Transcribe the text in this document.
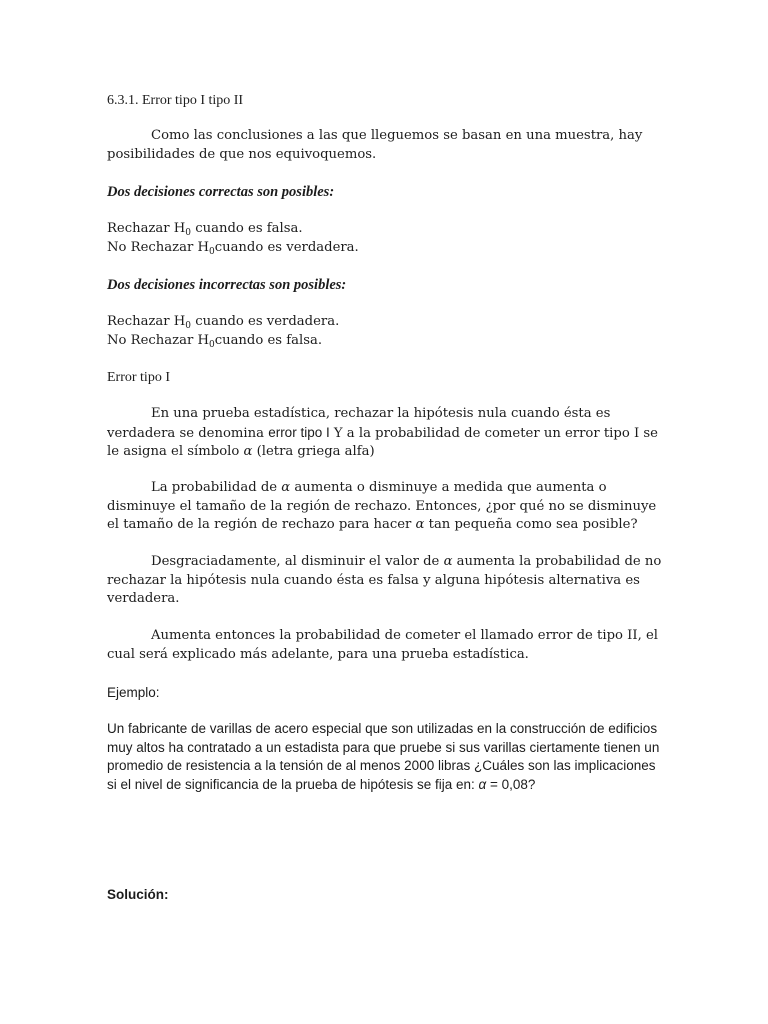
6.3.1. Error tipo I tipo II

Como las conclusiones a las que lleguemos se basan en una muestra, hay posibilidades de que nos equivoquemos.

Dos decisiones correctas son posibles:

Rechazar $H_0$ cuando es falsa.
No Rechazar $H_0cuando$ es verdadera.

Dos decisiones incorrectas son posibles:

Rechazar $H_0$ cuando es verdadera.
No Rechazar $H_0cuando$ es falsa.

Error tipo I

En una prueba estadística, rechazar la hipótesis nula cuando ésta es verdadera se denomina error tipo I Y a la probabilidad de cometer un error tipo I se le asigna el símbolo α (letra griega alfa)

La probabilidad de α aumenta o disminuye a medida que aumenta o disminuye el tamaño de la región de rechazo. Entonces, ¿por qué no se disminuye el tamaño de la región de rechazo para hacer α tan pequeña como sea posible?

Desgraciadamente, al disminuir el valor de α aumenta la probabilidad de no rechazar la hipótesis nula cuando ésta es falsa y alguna hipótesis alternativa es verdadera.

Aumenta entonces la probabilidad de cometer el llamado error de tipo II, el cual será explicado más adelante, para una prueba estadística.

Ejemplo:

Un fabricante de varillas de acero especial que son utilizadas en la construcción de edificios muy altos ha contratado a un estadista para que pruebe si sus varillas ciertamente tienen un promedio de resistencia a la tensión de al menos 2000 libras ¿Cuáles son las implicaciones si el nivel de significancia de la prueba de hipótesis se fija en: α = 0,08?

Solución:
